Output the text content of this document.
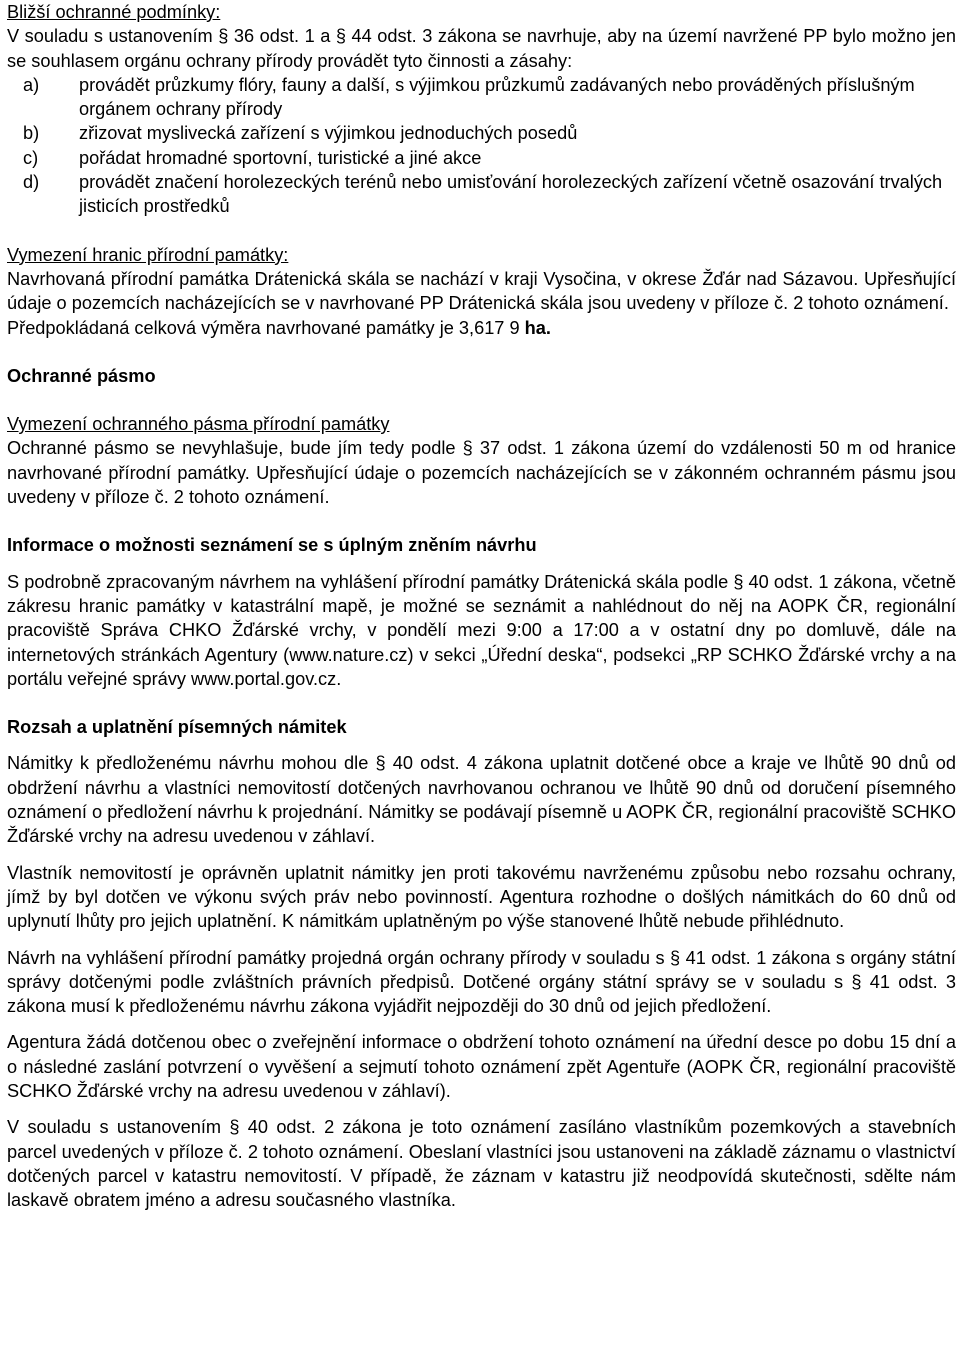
Bližší ochranné podmínky:

V souladu s ustanovením § 36 odst. 1 a § 44 odst. 3 zákona se navrhuje, aby na území navržené PP bylo možno jen se souhlasem orgánu ochrany přírody provádět tyto činnosti a zásahy:

a)	provádět průzkumy flóry, fauny a další, s výjimkou průzkumů zadávaných nebo prováděných příslušným orgánem ochrany přírody
b)	zřizovat myslivecká zařízení s výjimkou jednoduchých posedů
c)	pořádat hromadné sportovní, turistické a jiné akce
d)	provádět značení horolezeckých terénů nebo umisťování horolezeckých zařízení včetně osazování trvalých jisticích prostředků

Vymezení hranic přírodní památky:

Navrhovaná přírodní památka Drátenická skála se nachází v kraji Vysočina, v okrese Žďár nad Sázavou. Upřesňující údaje o pozemcích nacházejících se v navrhované PP Drátenická skála jsou uvedeny v příloze č. 2 tohoto oznámení.

Předpokládaná celková výměra navrhované památky je 3,617 9 ha.

Ochranné pásmo

Vymezení ochranného pásma přírodní památky

Ochranné pásmo se nevyhlašuje, bude jím tedy podle § 37 odst. 1 zákona území do vzdálenosti 50 m od hranice navrhované přírodní památky. Upřesňující údaje o pozemcích nacházejících se v zákonném ochranném pásmu jsou uvedeny v příloze č. 2 tohoto oznámení.

Informace o možnosti seznámení se s úplným zněním návrhu

S podrobně zpracovaným návrhem na vyhlášení přírodní památky Drátenická skála podle § 40 odst. 1 zákona, včetně zákresu hranic památky v katastrální mapě, je možné se seznámit a nahlédnout do něj na AOPK ČR, regionální pracoviště Správa CHKO Žďárské vrchy, v pondělí mezi 9:00 a 17:00 a v ostatní dny po domluvě, dále na internetových stránkách Agentury (www.nature.cz) v sekci „Úřední deska“, podsekci „RP SCHKO Žďárské vrchy a na portálu veřejné správy www.portal.gov.cz.

Rozsah a uplatnění písemných námitek

Námitky k předloženému návrhu mohou dle § 40 odst. 4 zákona uplatnit dotčené obce a kraje ve lhůtě 90 dnů od obdržení návrhu a vlastníci nemovitostí dotčených navrhovanou ochranou ve lhůtě 90 dnů od doručení písemného oznámení o předložení návrhu k projednání. Námitky se podávají písemně u AOPK ČR, regionální pracoviště SCHKO Žďárské vrchy na adresu uvedenou v záhlaví.

Vlastník nemovitostí je oprávněn uplatnit námitky jen proti takovému navrženému způsobu nebo rozsahu ochrany, jímž by byl dotčen ve výkonu svých práv nebo povinností. Agentura rozhodne o došlých námitkách do 60 dnů od uplynutí lhůty pro jejich uplatnění. K námitkám uplatněným po výše stanovené lhůtě nebude přihlédnuto.

Návrh na vyhlášení přírodní památky projedná orgán ochrany přírody v souladu s § 41 odst. 1 zákona s orgány státní správy dotčenými podle zvláštních právních předpisů. Dotčené orgány státní správy se v souladu s § 41 odst. 3 zákona musí k předloženému návrhu zákona vyjádřit nejpozději do 30 dnů od jejich předložení.

Agentura žádá dotčenou obec o zveřejnění informace o obdržení tohoto oznámení na úřední desce po dobu 15 dní a o následné zaslání potvrzení o vyvěšení a sejmutí tohoto oznámení zpět Agentuře (AOPK ČR, regionální pracoviště SCHKO Žďárské vrchy na adresu uvedenou v záhlaví).

V souladu s ustanovením § 40 odst. 2 zákona je toto oznámení zasíláno vlastníkům pozemkových a stavebních parcel uvedených v příloze č. 2 tohoto oznámení. Obeslaní vlastníci jsou ustanoveni na základě záznamu o vlastnictví dotčených parcel v katastru nemovitostí. V případě, že záznam v katastru již neodpovídá skutečnosti, sdělte nám laskavě obratem jméno a adresu současného vlastníka.
